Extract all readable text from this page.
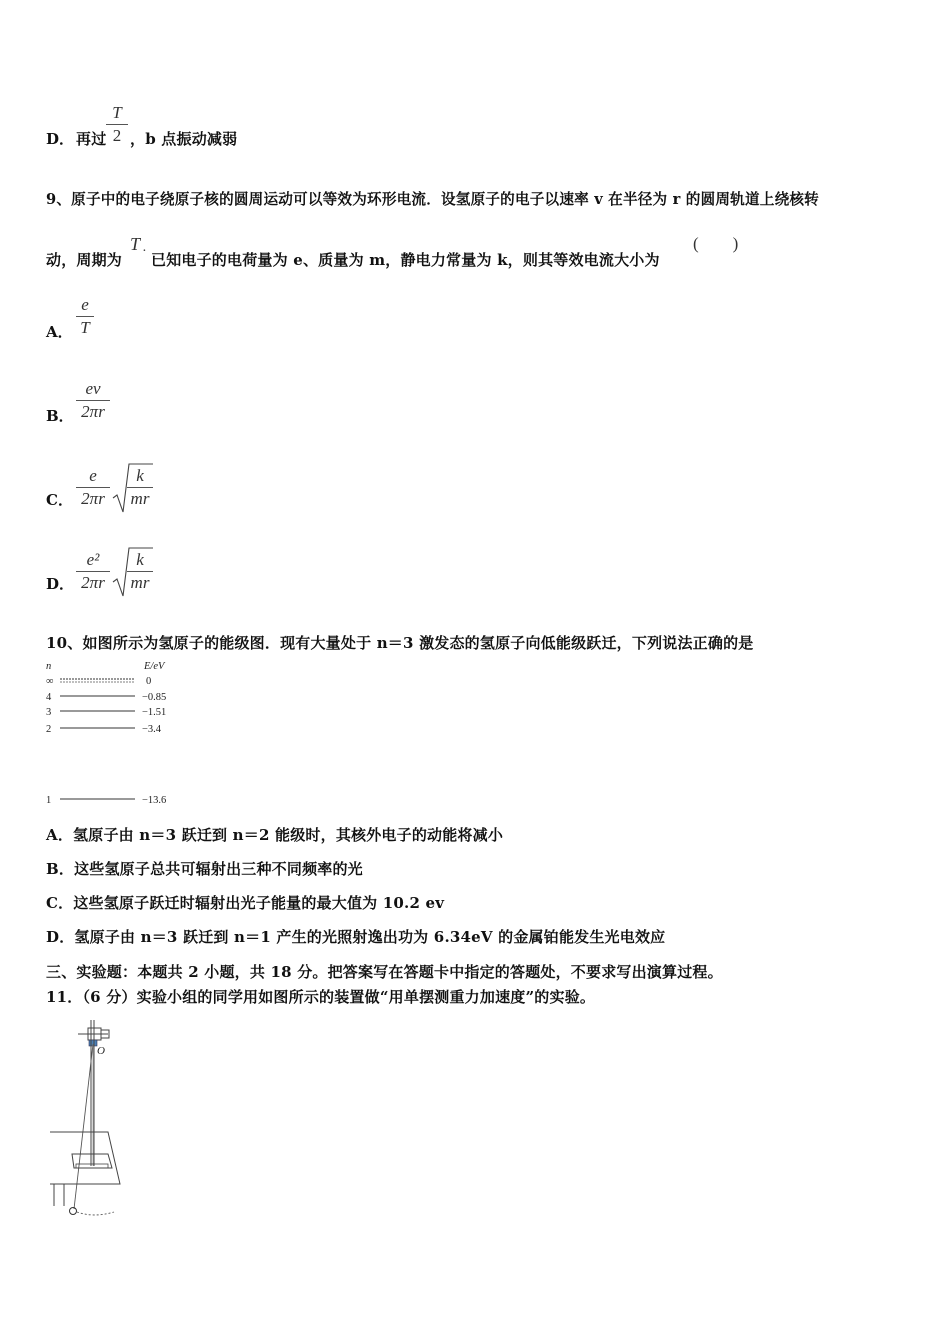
D． 再过 $\frac{T}{2}$ ，b 点振动减弱
9、原子中的电子绕原子核的圆周运动可以等效为环形电流．设氢原子的电子以速率 v 在半径为 r 的圆周轨道上绕核转
动，周期为
T .
已知电子的电荷量为 e、质量为 m，静电力常量为 k，则其等效电流大小为
(        )
A． $\frac{e}{T}$
B． $\frac{ev}{2\pi r}$
C． $\frac{e}{2\pi r} \frac{k}{mr}$
D． $\frac{\text{e²}}{2\pi r} \frac{k}{mr}$
10、如图所示为氢原子的能级图．现有大量处于 n＝3 激发态的氢原子向低能级跃迁，下列说法正确的是
n	E/eV
∞	0
4	−0.85
3	−1.51
2	−3.4
1	−13.6
A．氢原子由 n＝3 跃迁到 n＝2 能级时，其核外电子的动能将减小
B．这些氢原子总共可辐射出三种不同频率的光
C．这些氢原子跃迁时辐射出光子能量的最大值为 10.2 ev
D．氢原子由 n＝3 跃迁到 n＝1 产生的光照射逸出功为 6.34eV 的金属铂能发生光电效应
三、实验题：本题共 2 小题，共 18 分。把答案写在答题卡中指定的答题处，不要求写出演算过程。
11．（6 分）实验小组的同学用如图所示的装置做“用单摆测重力加速度”的实验。
O
